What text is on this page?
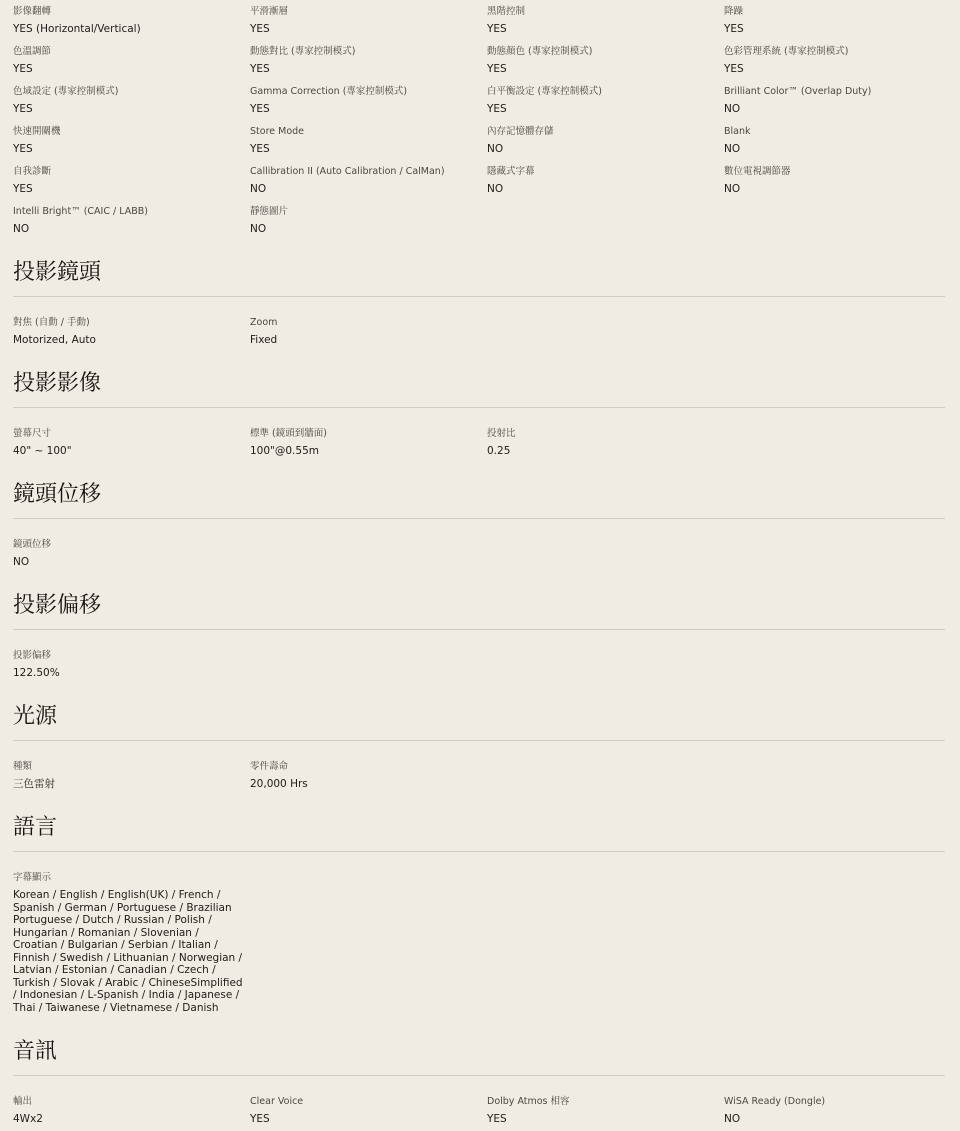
影像翻轉
YES (Horizontal/Vertical)
平滑漸層
YES
黑階控制
YES
降躁
YES
色溫調節
YES
動態對比 (專家控制模式)
YES
動態顏色 (專家控制模式)
YES
色彩管理系統 (專家控制模式)
YES
色域設定 (專家控制模式)
YES
Gamma Correction (專家控制模式)
YES
白平衡設定 (專家控制模式)
YES
Brilliant Color™ (Overlap Duty)
NO
快速開關機
YES
Store Mode
YES
內存記憶體存儲
NO
Blank
NO
自我診斷
YES
Callibration II (Auto Calibration / CalMan)
NO
隱藏式字幕
NO
數位電視調節器
NO
Intelli Bright™ (CAIC / LABB)
NO
靜態圖片
NO
投影鏡頭
對焦 (自動 / 手動)
Motorized, Auto
Zoom
Fixed
投影影像
螢幕尺寸
40" ~ 100"
標準 (鏡頭到牆面)
100"@0.55m
投射比
0.25
鏡頭位移
鏡頭位移
NO
投影偏移
投影偏移
122.50%
光源
種類
三色雷射
零件壽命
20,000 Hrs
語言
字幕顯示
Korean / English / English(UK) / French / Spanish / German / Portuguese / Brazilian Portuguese / Dutch / Russian / Polish / Hungarian / Romanian / Slovenian / Croatian / Bulgarian / Serbian / Italian / Finnish / Swedish / Lithuanian / Norwegian / Latvian / Estonian / Canadian / Czech / Turkish / Slovak / Arabic / ChineseSimplified / Indonesian / L-Spanish / India / Japanese / Thai / Taiwanese / Vietnamese / Danish
音訊
輸出
4Wx2
Clear Voice
YES
Dolby Atmos 相容
YES
WiSA Ready (Dongle)
NO
